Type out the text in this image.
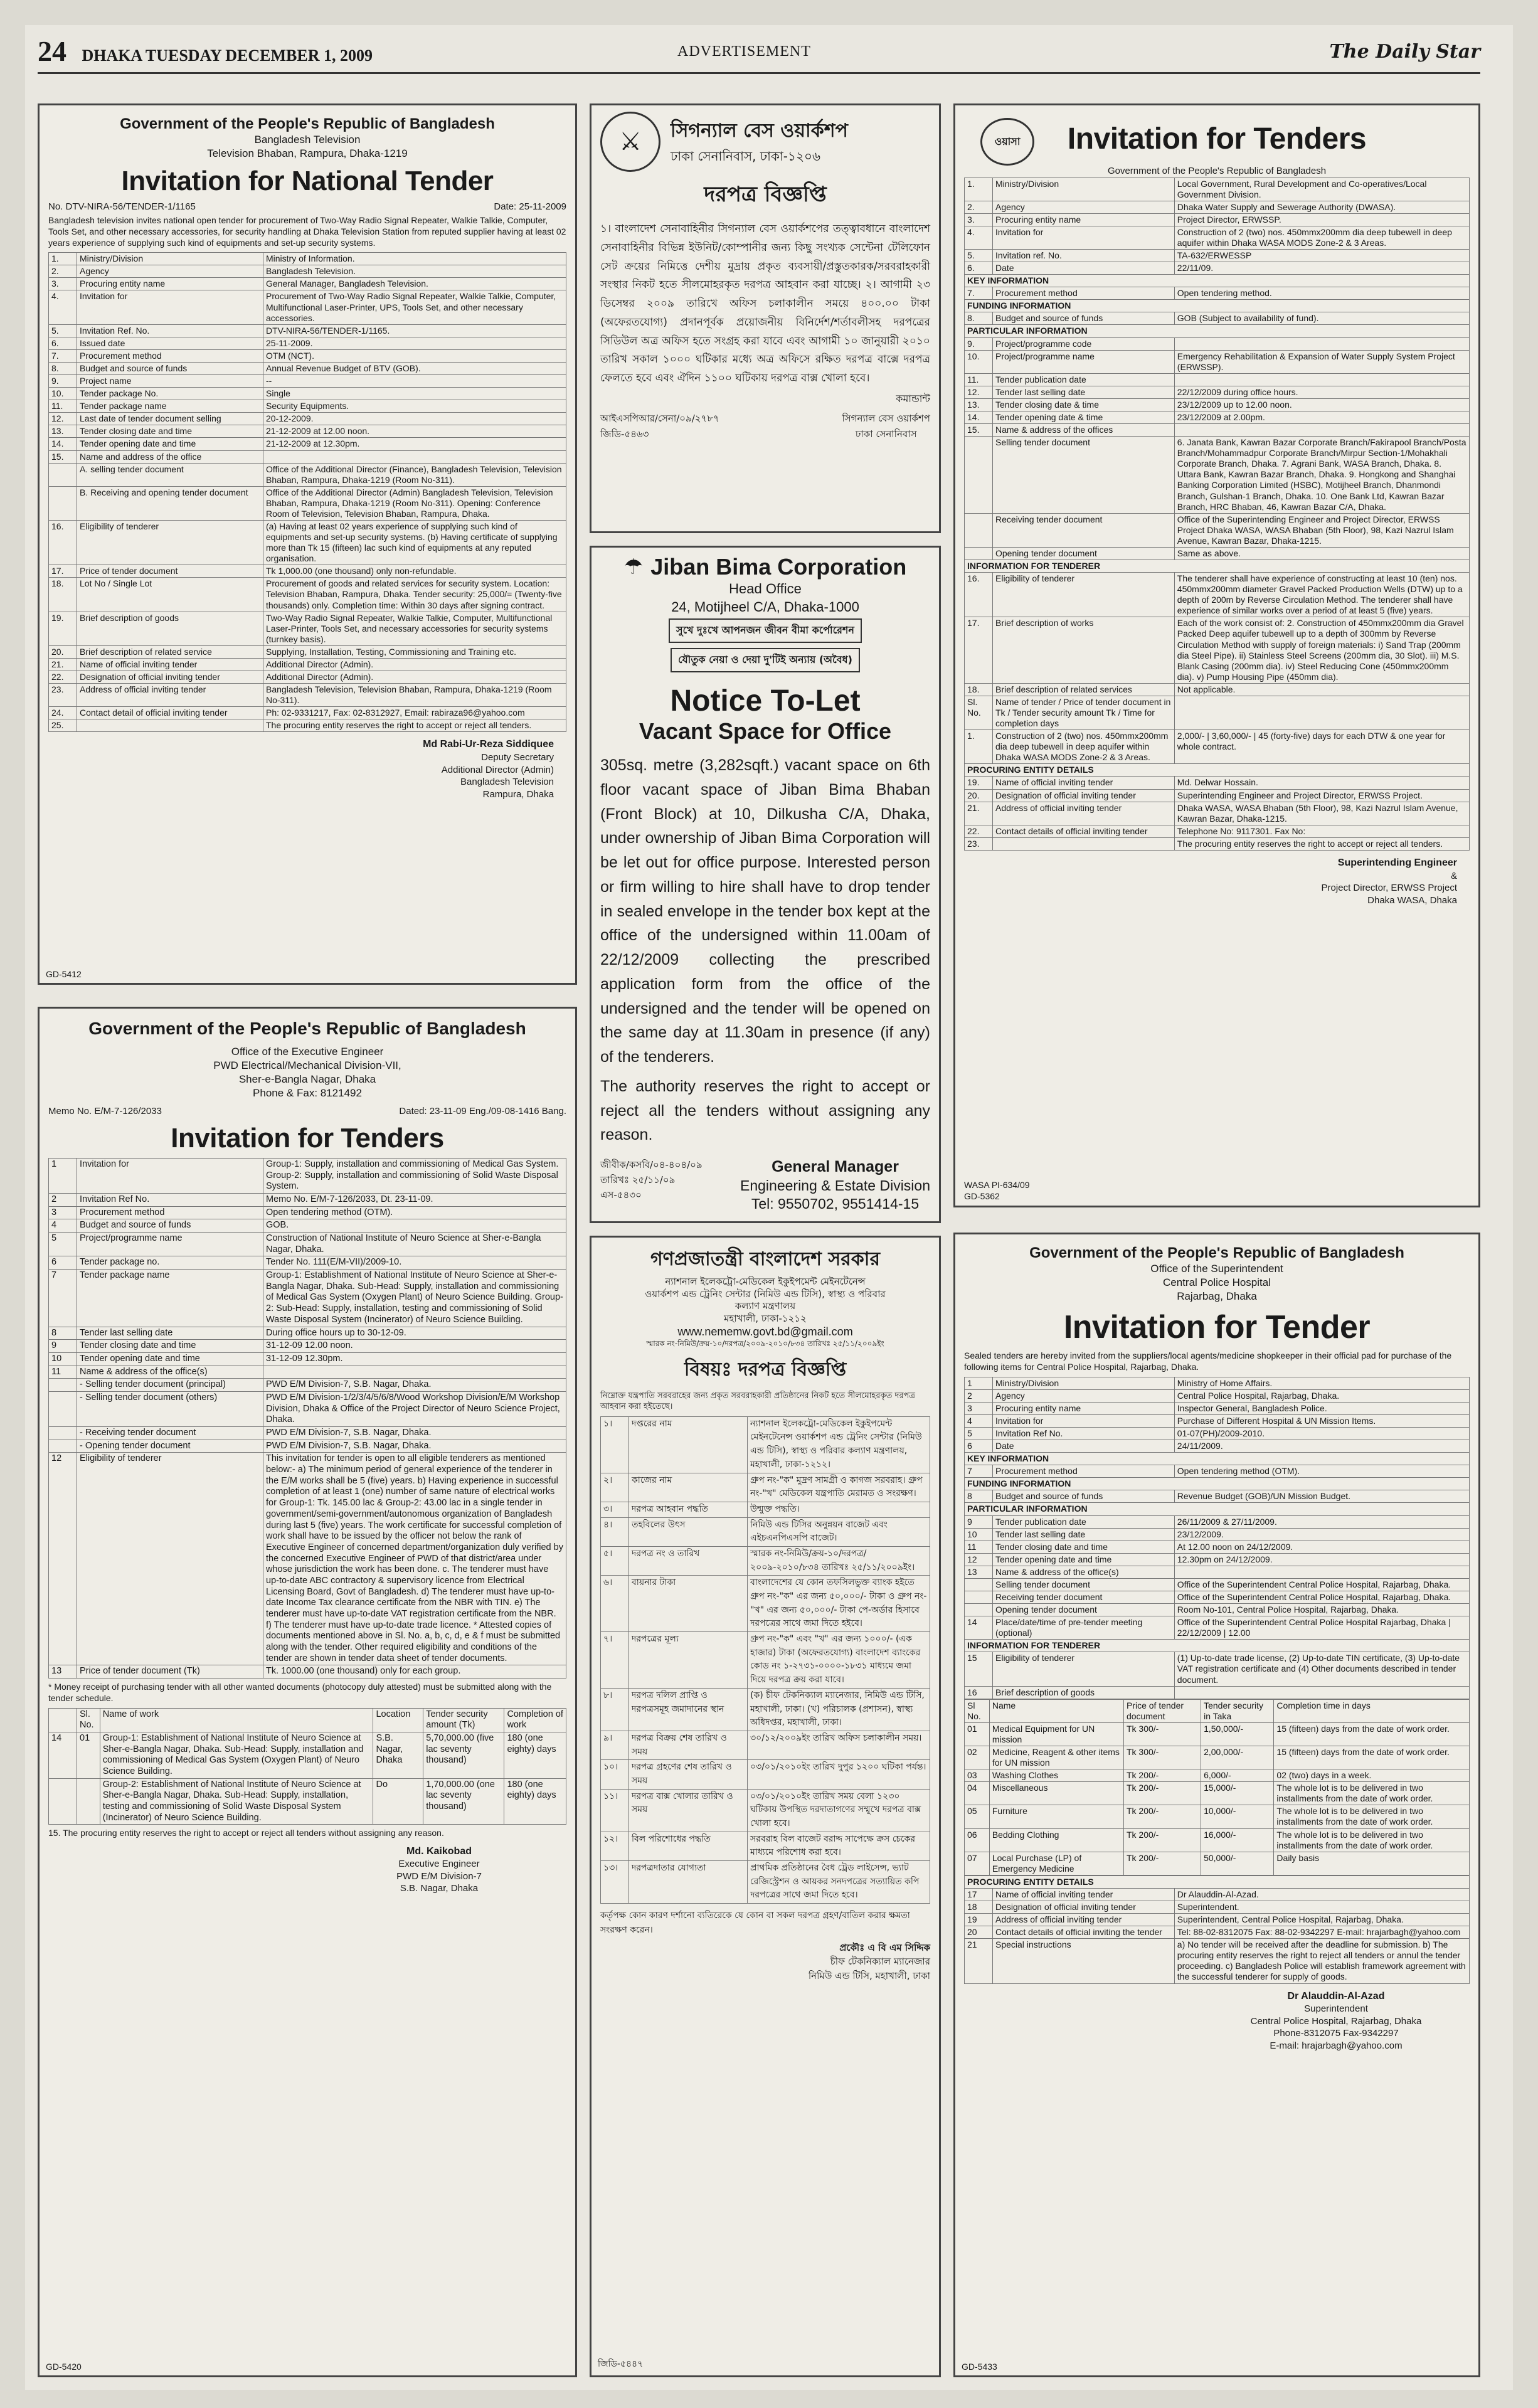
24 DHAKA TUESDAY DECEMBER 1, 2009	ADVERTISEMENT	The Daily Star
Government of the People's Republic of Bangladesh
Bangladesh Television
Television Bhaban, Rampura, Dhaka-1219
Invitation for National Tender
No. DTV-NIRA-56/TENDER-1/1165	Date: 25-11-2009
Bangladesh television invites national open tender for procurement of Two-Way Radio Signal Repeater, Walkie Talkie, Computer, Tools Set, and other necessary accessories, for security handling at Dhaka Television Station from reputed supplier having at least 02 years experience of supplying such kind of equipments and set-up security systems.
1.	Ministry/Division	Ministry of Information.
2.	Agency	Bangladesh Television.
3.	Procuring entity name	General Manager, Bangladesh Television.
4.	Invitation for	Procurement of Two-Way Radio Signal Repeater, Walkie Talkie, Computer, Multifunctional Laser-Printer, UPS, Tools Set, and other necessary accessories.
5.	Invitation Ref. No.	DTV-NIRA-56/TENDER-1/1165.
6.	Issued date	25-11-2009.
7.	Procurement method	OTM (NCT).
8.	Budget and source of funds	Annual Revenue Budget of BTV (GOB).
9.	Project name	--
10.	Tender package No.	Single
11.	Tender package name	Security Equipments.
12.	Last date of tender document selling	20-12-2009.
13.	Tender closing date and time	21-12-2009 at 12.00 noon.
14.	Tender opening date and time	21-12-2009 at 12.30pm.
15.	Name and address of the office	
	A. selling tender document	Office of the Additional Director (Finance), Bangladesh Television, Television Bhaban, Rampura, Dhaka-1219 (Room No-311).
	B. Receiving and opening tender document	Office of the Additional Director (Admin) Bangladesh Television, Television Bhaban, Rampura, Dhaka-1219 (Room No-311). Opening: Conference Room of Television, Television Bhaban, Rampura, Dhaka.
16.	Eligibility of tenderer	(a) Having at least 02 years experience of supplying such kind of equipments and set-up security systems. (b) Having certificate of supplying more than Tk 15 (fifteen) lac such kind of equipments at any reputed organisation.
17.	Price of tender document	Tk 1,000.00 (one thousand) only non-refundable.
18.	Lot No / Single Lot	Procurement of goods and related services for security system. Location: Television Bhaban, Rampura, Dhaka. Tender security: 25,000/= (Twenty-five thousands) only. Completion time: Within 30 days after signing contract.
19.	Brief description of goods	Two-Way Radio Signal Repeater, Walkie Talkie, Computer, Multifunctional Laser-Printer, Tools Set, and necessary accessories for security systems (turnkey basis).
20.	Brief description of related service	Supplying, Installation, Testing, Commissioning and Training etc.
21.	Name of official inviting tender	Additional Director (Admin).
22.	Designation of official inviting tender	Additional Director (Admin).
23.	Address of official inviting tender	Bangladesh Television, Television Bhaban, Rampura, Dhaka-1219 (Room No-311).
24.	Contact detail of official inviting tender	Ph: 02-9331217, Fax: 02-8312927, Email: rabiraza96@yahoo.com
25.		The procuring entity reserves the right to accept or reject all tenders.
Md Rabi-Ur-Reza Siddiquee
Deputy Secretary
Additional Director (Admin)
Bangladesh Television
Rampura, Dhaka
GD-5412
⚔	সিগন্যাল বেস ওয়ার্কশপ
ঢাকা সেনানিবাস, ঢাকা-১২০৬
দরপত্র বিজ্ঞপ্তি
১। বাংলাদেশ সেনাবাহিনীর সিগন্যাল বেস ওয়ার্কশপের তত্ত্বাবধানে বাংলাদেশ সেনাবাহিনীর বিভিন্ন ইউনিট/কোম্পানীর জন্য কিছু সংখ্যক সেন্টেনা টেলিফোন সেট ক্রয়ের নিমিত্তে দেশীয় মুদ্রায় প্রকৃত ব্যবসায়ী/প্রস্তুতকারক/সরবরাহকারী সংস্থার নিকট হতে সীলমোহরকৃত দরপত্র আহবান করা যাচ্ছে। ২। আগামী ২৩ ডিসেম্বর ২০০৯ তারিখে অফিস চলাকালীন সময়ে ৪০০.০০ টাকা (অফেরতযোগ্য) প্রদানপূর্বক প্রয়োজনীয় বিনির্দেশ/শর্তাবলীসহ দরপত্রের সিডিউল অত্র অফিস হতে সংগ্রহ করা যাবে এবং আগামী ১০ জানুয়ারী ২০১০ তারিখ সকাল ১০০০ ঘটিকার মধ্যে অত্র অফিসে রক্ষিত দরপত্র বাক্সে দরপত্র ফেলতে হবে এবং ঐদিন ১১০০ ঘটিকায় দরপত্র বাক্স খোলা হবে।
কমান্ডান্ট
আইএসপিআর/সেনা/০৯/২৭৮৭
জিডি-৫৪৬৩
সিগন্যাল বেস ওয়ার্কশপ
ঢাকা সেনানিবাস
☂ Jiban Bima Corporation
Head Office
24, Motijheel C/A, Dhaka-1000
সুখে দুঃখে আপনজন জীবন বীমা কর্পোরেশন যৌতুক নেয়া ও দেয়া দু'টিই অন্যায় (অবৈধ)
Notice To-Let
Vacant Space for Office
305sq. metre (3,282sqft.) vacant space on 6th floor vacant space of Jiban Bima Bhaban (Front Block) at 10, Dilkusha C/A, Dhaka, under ownership of Jiban Bima Corporation will be let out for office purpose. Interested person or firm willing to hire shall have to drop tender in sealed envelope in the tender box kept at the office of the undersigned within 11.00am of 22/12/2009 collecting the prescribed application form from the office of the undersigned and the tender will be opened on the same day at 11.30am in presence (if any) of the tenderers.
The authority reserves the right to accept or reject all the tenders without assigning any reason.
জীবীক/কসবি/০৪-৪০৪/০৯
তারিখঃ ২৫/১১/০৯
এস-৫৪৩০
General Manager
Engineering & Estate Division
Tel: 9550702, 9551414-15
ওয়াসা	Invitation for Tenders
Government of the People's Republic of Bangladesh
1.	Ministry/Division	Local Government, Rural Development and Co-operatives/Local Government Division.
2.	Agency	Dhaka Water Supply and Sewerage Authority (DWASA).
3.	Procuring entity name	Project Director, ERWSSP.
4.	Invitation for	Construction of 2 (two) nos. 450mmx200mm dia deep tubewell in deep aquifer within Dhaka WASA MODS Zone-2 & 3 Areas.
5.	Invitation ref. No.	TA-632/ERWESSP
6.	Date	22/11/09.
KEY INFORMATION		
7.	Procurement method	Open tendering method.
FUNDING INFORMATION		
8.	Budget and source of funds	GOB (Subject to availability of fund).
PARTICULAR INFORMATION		
9.	Project/programme code	
10.	Project/programme name	Emergency Rehabilitation & Expansion of Water Supply System Project (ERWSSP).
11.	Tender publication date	
12.	Tender last selling date	22/12/2009 during office hours.
13.	Tender closing date & time	23/12/2009 up to 12.00 noon.
14.	Tender opening date & time	23/12/2009 at 2.00pm.
15.	Name & address of the offices	
	Selling tender document	6. Janata Bank, Kawran Bazar Corporate Branch/Fakirapool Branch/Posta Branch/Mohammadpur Corporate Branch/Mirpur Section-1/Mohakhali Corporate Branch, Dhaka. 7. Agrani Bank, WASA Branch, Dhaka. 8. Uttara Bank, Kawran Bazar Branch, Dhaka. 9. Hongkong and Shanghai Banking Corporation Limited (HSBC), Motijheel Branch, Dhanmondi Branch, Gulshan-1 Branch, Dhaka. 10. One Bank Ltd, Kawran Bazar Branch, HRC Bhaban, 46, Kawran Bazar C/A, Dhaka.
	Receiving tender document	Office of the Superintending Engineer and Project Director, ERWSS Project Dhaka WASA, WASA Bhaban (5th Floor), 98, Kazi Nazrul Islam Avenue, Kawran Bazar, Dhaka-1215.
	Opening tender document	Same as above.
INFORMATION FOR TENDERER		
16.	Eligibility of tenderer	The tenderer shall have experience of constructing at least 10 (ten) nos. 450mmx200mm diameter Gravel Packed Production Wells (DTW) up to a depth of 200m by Reverse Circulation Method. The tenderer shall have experience of similar works over a period of at least 5 (five) years.
17.	Brief description of works	Each of the work consist of: 2. Construction of 450mmx200mm dia Gravel Packed Deep aquifer tubewell up to a depth of 300mm by Reverse Circulation Method with supply of foreign materials: i) Sand Trap (200mm dia Steel Pipe). ii) Stainless Steel Screens (200mm dia, 30 Slot). iii) M.S. Blank Casing (200mm dia). iv) Steel Reducing Cone (450mmx200mm dia). v) Pump Housing Pipe (450mm dia).
18.	Brief description of related services	Not applicable.
Sl. No.	Name of tender / Price of tender document in Tk / Tender security amount Tk / Time for completion days	
1.	Construction of 2 (two) nos. 450mmx200mm dia deep tubewell in deep aquifer within Dhaka WASA MODS Zone-2 & 3 Areas.	2,000/- | 3,60,000/- | 45 (forty-five) days for each DTW & one year for whole contract.
PROCURING ENTITY DETAILS		
19.	Name of official inviting tender	Md. Delwar Hossain.
20.	Designation of official inviting tender	Superintending Engineer and Project Director, ERWSS Project.
21.	Address of official inviting tender	Dhaka WASA, WASA Bhaban (5th Floor), 98, Kazi Nazrul Islam Avenue, Kawran Bazar, Dhaka-1215.
22.	Contact details of official inviting tender	Telephone No: 9117301. Fax No:
23.		The procuring entity reserves the right to accept or reject all tenders.
Superintending Engineer
&
Project Director, ERWSS Project
Dhaka WASA, Dhaka
WASA PI-634/09
GD-5362
Government of the People's Republic of Bangladesh
Office of the Executive Engineer
PWD Electrical/Mechanical Division-VII,
Sher-e-Bangla Nagar, Dhaka
Phone & Fax: 8121492
Memo No. E/M-7-126/2033	Dated: 23-11-09 Eng./09-08-1416 Bang.
Invitation for Tenders
1	Invitation for	Group-1: Supply, installation and commissioning of Medical Gas System. Group-2: Supply, installation and commissioning of Solid Waste Disposal System.
2	Invitation Ref No.	Memo No. E/M-7-126/2033, Dt. 23-11-09.
3	Procurement method	Open tendering method (OTM).
4	Budget and source of funds	GOB.
5	Project/programme name	Construction of National Institute of Neuro Science at Sher-e-Bangla Nagar, Dhaka.
6	Tender package no.	Tender No. 111(E/M-VII)/2009-10.
7	Tender package name	Group-1: Establishment of National Institute of Neuro Science at Sher-e-Bangla Nagar, Dhaka. Sub-Head: Supply, installation and commissioning of Medical Gas System (Oxygen Plant) of Neuro Science Building. Group-2: Sub-Head: Supply, installation, testing and commissioning of Solid Waste Disposal System (Incinerator) of Neuro Science Building.
8	Tender last selling date	During office hours up to 30-12-09.
9	Tender closing date and time	31-12-09 12.00 noon.
10	Tender opening date and time	31-12-09 12.30pm.
11	Name & address of the office(s)	
	- Selling tender document (principal)	PWD E/M Division-7, S.B. Nagar, Dhaka.
	- Selling tender document (others)	PWD E/M Division-1/2/3/4/5/6/8/Wood Workshop Division/E/M Workshop Division, Dhaka & Office of the Project Director of Neuro Science Project, Dhaka.
	- Receiving tender document	PWD E/M Division-7, S.B. Nagar, Dhaka.
	- Opening tender document	PWD E/M Division-7, S.B. Nagar, Dhaka.
12	Eligibility of tenderer	This invitation for tender is open to all eligible tenderers as mentioned below:- a) The minimum period of general experience of the tenderer in the E/M works shall be 5 (five) years. b) Having experience in successful completion of at least 1 (one) number of same nature of electrical works for Group-1: Tk. 145.00 lac & Group-2: 43.00 lac in a single tender in government/semi-government/autonomous organization of Bangladesh during last 5 (five) years. The work certificate for successful completion of work shall have to be issued by the officer not below the rank of Executive Engineer of concerned department/organization duly verified by the concerned Executive Engineer of PWD of that district/area under whose jurisdiction the work has been done. c. The tenderer must have up-to-date ABC contractory & supervisory licence from Electrical Licensing Board, Govt of Bangladesh. d) The tenderer must have up-to-date Income Tax clearance certificate from the NBR with TIN. e) The tenderer must have up-to-date VAT registration certificate from the NBR. f) The tenderer must have up-to-date trade licence. * Attested copies of documents mentioned above in Sl. No. a, b, c, d, e & f must be submitted along with the tender. Other required eligibility and conditions of the tender are shown in tender data sheet of tender documents.
13	Price of tender document (Tk)	Tk. 1000.00 (one thousand) only for each group.
* Money receipt of purchasing tender with all other wanted documents (photocopy duly attested) must be submitted along with the tender schedule.
	Sl. No.	Name of work	Location	Tender security amount (Tk)	Completion of work
14	01	Group-1: Establishment of National Institute of Neuro Science at Sher-e-Bangla Nagar, Dhaka. Sub-Head: Supply, installation and commissioning of Medical Gas System (Oxygen Plant) of Neuro Science Building.	S.B. Nagar, Dhaka	5,70,000.00 (five lac seventy thousand)	180 (one eighty) days
		Group-2: Establishment of National Institute of Neuro Science at Sher-e-Bangla Nagar, Dhaka. Sub-Head: Supply, installation, testing and commissioning of Solid Waste Disposal System (Incinerator) of Neuro Science Building.	Do	1,70,000.00 (one lac seventy thousand)	180 (one eighty) days
15. The procuring entity reserves the right to accept or reject all tenders without assigning any reason.
Md. Kaikobad
Executive Engineer
PWD E/M Division-7
S.B. Nagar, Dhaka
GD-5420
গণপ্রজাতন্ত্রী বাংলাদেশ সরকার
ন্যাশনাল ইলেকট্রো-মেডিকেল ইকুইপমেন্ট মেইনটেনেন্স
ওয়ার্কশপ এন্ড ট্রেনিং সেন্টার (নিমিউ এন্ড টিসি), স্বাস্থ্য ও পরিবার
কল্যাণ মন্ত্রণালয়
মহাখালী, ঢাকা-১২১২
www.nememw.govt.bd@gmail.com
স্মারক নং-নিমিউ/ক্রয়-১০/দরপত্র/২০০৯-২০১০/৮৩৪ তারিখঃ ২৫/১১/২০০৯ইং
বিষয়ঃ দরপত্র বিজ্ঞপ্তি
নিম্নোক্ত যন্ত্রপাতি সরবরাহের জন্য প্রকৃত সরবরাহকারী প্রতিষ্ঠানের নিকট হতে সীলমোহরকৃত দরপত্র আহবান করা হইতেছে।
১।	দপ্তরের নাম	ন্যাশনাল ইলেকট্রো-মেডিকেল ইকুইপমেন্ট মেইনটেনেন্স ওয়ার্কশপ এন্ড ট্রেনিং সেন্টার (নিমিউ এন্ড টিসি), স্বাস্থ্য ও পরিবার কল্যাণ মন্ত্রণালয়, মহাখালী, ঢাকা-১২১২।
২।	কাজের নাম	গ্রুপ নং-"ক" মুদ্রণ সামগ্রী ও কাগজ সরবরাহ। গ্রুপ নং-"খ" মেডিকেল যন্ত্রপাতি মেরামত ও সংরক্ষণ।
৩।	দরপত্র আহবান পদ্ধতি	উন্মুক্ত পদ্ধতি।
৪।	তহবিলের উৎস	নিমিউ এন্ড টিসির অনুন্নয়ন বাজেট এবং এইচএনপিএসপি বাজেট।
৫।	দরপত্র নং ও তারিখ	স্মারক নং-নিমিউ/ক্রয়-১০/দরপত্র/২০০৯-২০১০/৮৩৪ তারিখঃ ২৫/১১/২০০৯ইং।
৬।	বায়নার টাকা	বাংলাদেশের যে কোন তফসিলভুক্ত ব্যাংক হইতে গ্রুপ নং-"ক" এর জন্য ৫০,০০০/- টাকা ও গ্রুপ নং-"খ" এর জন্য ৫০,০০০/- টাকা পে-অর্ডার হিসাবে দরপত্রের সাথে জমা দিতে হইবে।
৭।	দরপত্রের মূল্য	গ্রুপ নং-"ক" এবং "খ" এর জন্য ১০০০/- (এক হাজার) টাকা (অফেরতযোগ্য) বাংলাদেশ ব্যাংকের কোড নং ১-২৭৩১-০০০০-১৮৩১ মাধ্যমে জমা দিয়ে দরপত্র ক্রয় করা যাবে।
৮।	দরপত্র দলিল প্রাপ্তি ও দরপত্রসমূহ জমাদানের স্থান	(ক) চীফ টেকনিক্যাল ম্যানেজার, নিমিউ এন্ড টিসি, মহাখালী, ঢাকা। (খ) পরিচালক (প্রশাসন), স্বাস্থ্য অধিদপ্তর, মহাখালী, ঢাকা।
৯।	দরপত্র বিক্রয় শেষ তারিখ ও সময়	৩০/১২/২০০৯ইং তারিখ অফিস চলাকালীন সময়।
১০।	দরপত্র গ্রহণের শেষ তারিখ ও সময়	০৩/০১/২০১০ইং তারিখ দুপুর ১২০০ ঘটিকা পর্যন্ত।
১১।	দরপত্র বাক্স খোলার তারিখ ও সময়	০৩/০১/২০১০ইং তারিখ সময় বেলা ১২৩০ ঘটিকায় উপস্থিত দরদাতাগণের সম্মুখে দরপত্র বাক্স খোলা হবে।
১২।	বিল পরিশোধের পদ্ধতি	সরবরাহ বিল বাজেট বরাদ্দ সাপেক্ষে ক্রস চেকের মাধ্যমে পরিশোধ করা হবে।
১৩।	দরপত্রদাতার যোগ্যতা	প্রাথমিক প্রতিষ্ঠানের বৈধ ট্রেড লাইসেন্স, ভ্যাট রেজিস্ট্রেশন ও আয়কর সনদপত্রের সত্যায়িত কপি দরপত্রের সাথে জমা দিতে হবে।
কর্তৃপক্ষ কোন কারণ দর্শানো ব্যতিরেকে যে কোন বা সকল দরপত্র গ্রহণ/বাতিল করার ক্ষমতা সংরক্ষণ করেন।
প্রকৌঃ এ বি এম সিদ্দিক
চীফ টেকনিক্যাল ম্যানেজার
নিমিউ এন্ড টিসি, মহাখালী, ঢাকা
জিডি-৫৪৪৭
Government of the People's Republic of Bangladesh
Office of the Superintendent
Central Police Hospital
Rajarbag, Dhaka
Invitation for Tender
Sealed tenders are hereby invited from the suppliers/local agents/medicine shopkeeper in their official pad for purchase of the following items for Central Police Hospital, Rajarbag, Dhaka.
1	Ministry/Division	Ministry of Home Affairs.
2	Agency	Central Police Hospital, Rajarbag, Dhaka.
3	Procuring entity name	Inspector General, Bangladesh Police.
4	Invitation for	Purchase of Different Hospital & UN Mission Items.
5	Invitation Ref No.	01-07(PH)/2009-2010.
6	Date	24/11/2009.
KEY INFORMATION		
7	Procurement method	Open tendering method (OTM).
FUNDING INFORMATION		
8	Budget and source of funds	Revenue Budget (GOB)/UN Mission Budget.
PARTICULAR INFORMATION		
9	Tender publication date	26/11/2009 & 27/11/2009.
10	Tender last selling date	23/12/2009.
11	Tender closing date and time	At 12.00 noon on 24/12/2009.
12	Tender opening date and time	12.30pm on 24/12/2009.
13	Name & address of the office(s)	
	Selling tender document	Office of the Superintendent Central Police Hospital, Rajarbag, Dhaka.
	Receiving tender document	Office of the Superintendent Central Police Hospital, Rajarbag, Dhaka.
	Opening tender document	Room No-101, Central Police Hospital, Rajarbag, Dhaka.
14	Place/date/time of pre-tender meeting (optional)	Office of the Superintendent Central Police Hospital Rajarbag, Dhaka | 22/12/2009 | 12.00
INFORMATION FOR TENDERER		
15	Eligibility of tenderer	(1) Up-to-date trade license, (2) Up-to-date TIN certificate, (3) Up-to-date VAT registration certificate and (4) Other documents described in tender document.
16	Brief description of goods	
Sl No.	Name	Price of tender document	Tender security in Taka	Completion time in days
01	Medical Equipment for UN mission	Tk 300/-	1,50,000/-	15 (fifteen) days from the date of work order.
02	Medicine, Reagent & other items for UN mission	Tk 300/-	2,00,000/-	15 (fifteen) days from the date of work order.
03	Washing Clothes	Tk 200/-	6,000/-	02 (two) days in a week.
04	Miscellaneous	Tk 200/-	15,000/-	The whole lot is to be delivered in two installments from the date of work order.
05	Furniture	Tk 200/-	10,000/-	The whole lot is to be delivered in two installments from the date of work order.
06	Bedding Clothing	Tk 200/-	16,000/-	The whole lot is to be delivered in two installments from the date of work order.
07	Local Purchase (LP) of Emergency Medicine	Tk 200/-	50,000/-	Daily basis
PROCURING ENTITY DETAILS		
17	Name of official inviting tender	Dr Alauddin-Al-Azad.
18	Designation of official inviting tender	Superintendent.
19	Address of official inviting tender	Superintendent, Central Police Hospital, Rajarbag, Dhaka.
20	Contact details of official inviting the tender	Tel: 88-02-8312075 Fax: 88-02-9342297 E-mail: hrajarbagh@yahoo.com
21	Special instructions	a) No tender will be received after the deadline for submission. b) The procuring entity reserves the right to reject all tenders or annul the tender proceeding. c) Bangladesh Police will establish framework agreement with the successful tenderer for supply of goods.
Dr Alauddin-Al-Azad
Superintendent
Central Police Hospital, Rajarbag, Dhaka
Phone-8312075 Fax-9342297
E-mail: hrajarbagh@yahoo.com
GD-5433
